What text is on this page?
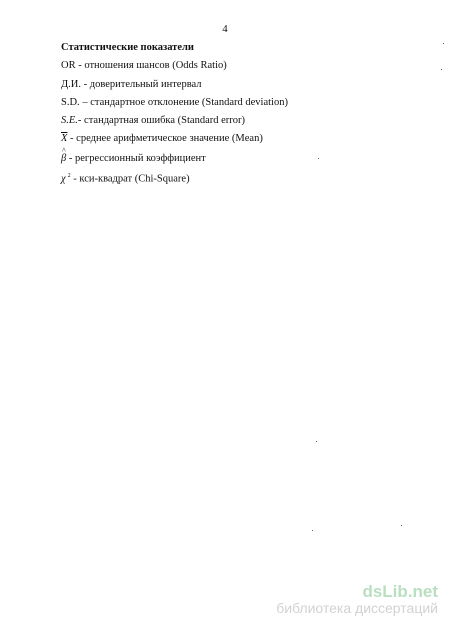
4
Статистические показатели
OR - отношения шансов (Odds Ratio)
Д.И. - доверительный интервал
S.D. – стандартное отклонение (Standard deviation)
S.E.- стандартная ошибка (Standard error)
$\overline{X}$ - среднее арифметическое значение (Mean)
^ β - регрессионный коэффициент
χ $^2$ - кси-квадрат (Chi-Square)
dsLib.net
библиотека диссертаций
